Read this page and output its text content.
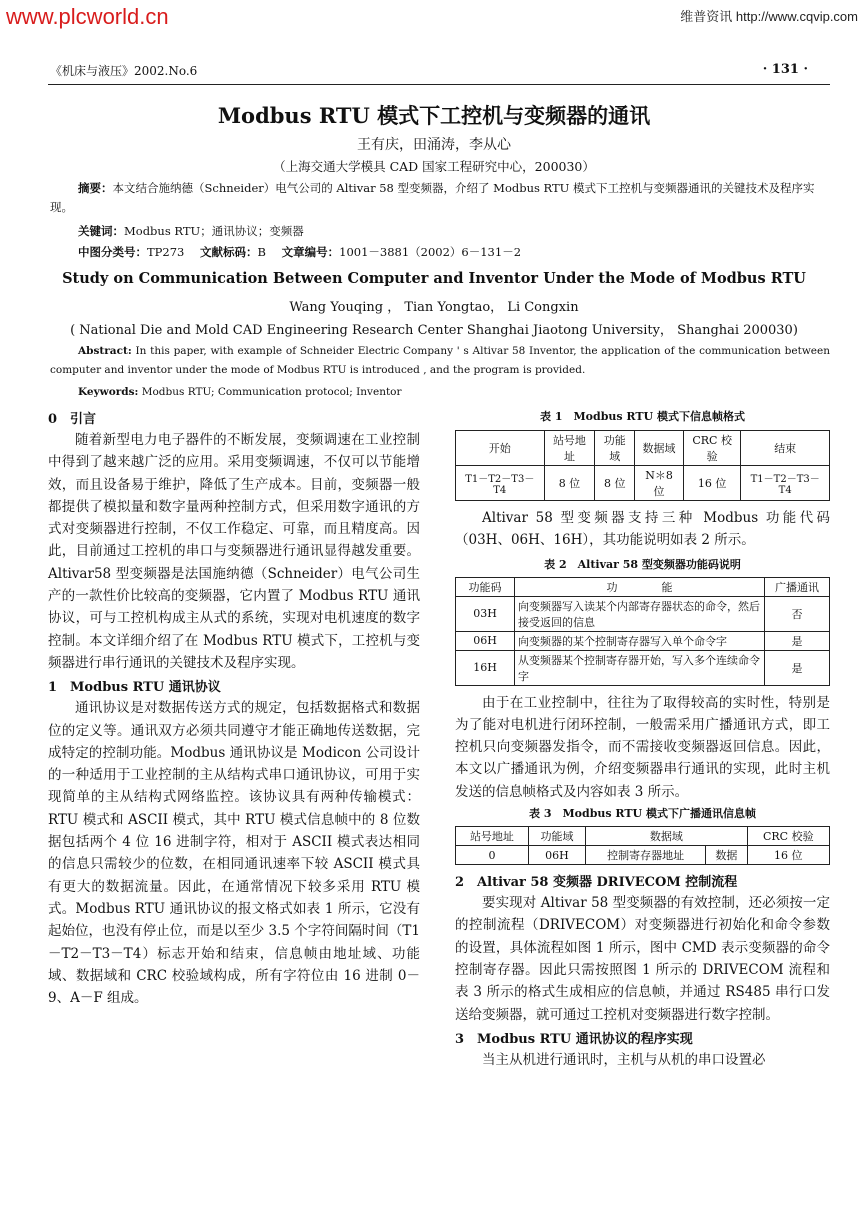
www.plcworld.cn	维普资讯 http://www.cqvip.com
《机床与液压》2002.No.6	· 131 ·
Modbus RTU 模式下工控机与变频器的通讯
王有庆，田涌涛，李从心
（上海交通大学模具 CAD 国家工程研究中心，200030）
摘要：本文结合施纳德（Schneider）电气公司的 Altivar 58 型变频器，介绍了 Modbus RTU 模式下工控机与变频器通讯的关键技术及程序实现。
关键词：Modbus RTU；通讯协议；变频器
中图分类号：TP273 文献标码：B 文章编号：1001－3881（2002）6－131－2
Study on Communication Between Computer and Inventor Under the Mode of Modbus RTU
Wang Youqing ， Tian Yongtao， Li Congxin
( National Die and Mold CAD Engineering Research Center Shanghai Jiaotong University， Shanghai 200030)
Abstract: In this paper, with example of Schneider Electric Company ' s Altivar 58 Inventor, the application of the communication between computer and inventor under the mode of Modbus RTU is introduced , and the program is provided.
Keywords: Modbus RTU; Communication protocol; Inventor
0　引言
随着新型电力电子器件的不断发展，变频调速在工业控制中得到了越来越广泛的应用。采用变频调速，不仅可以节能增效，而且设备易于维护，降低了生产成本。目前，变频器一般都提供了模拟量和数字量两种控制方式，但采用数字通讯的方式对变频器进行控制，不仅工作稳定、可靠，而且精度高。因此，目前通过工控机的串口与变频器进行通讯显得越发重要。Altivar58 型变频器是法国施纳德（Schneider）电气公司生产的一款性价比较高的变频器，它内置了 Modbus RTU 通讯协议，可与工控机构成主从式的系统，实现对电机速度的数字控制。本文详细介绍了在 Modbus RTU 模式下，工控机与变频器进行串行通讯的关键技术及程序实现。
1　Modbus RTU 通讯协议
通讯协议是对数据传送方式的规定，包括数据格式和数据位的定义等。通讯双方必须共同遵守才能正确地传送数据，完成特定的控制功能。Modbus 通讯协议是 Modicon 公司设计的一种适用于工业控制的主从结构式串口通讯协议，可用于实现简单的主从结构式网络监控。该协议具有两种传输模式：RTU 模式和 ASCII 模式，其中 RTU 模式信息帧中的 8 位数据包括两个 4 位 16 进制字符，相对于 ASCII 模式表达相同的信息只需较少的位数，在相同通讯速率下较 ASCII 模式具有更大的数据流量。因此，在通常情况下较多采用 RTU 模式。Modbus RTU 通讯协议的报文格式如表 1 所示，它没有起始位，也没有停止位，而是以至少 3.5 个字符间隔时间（T1－T2－T3－T4）标志开始和结束，信息帧由地址域、功能域、数据域和 CRC 校验域构成，所有字符位由 16 进制 0－9、A－F 组成。
表 1　Modbus RTU 模式下信息帧格式
开始	站号地址	功能域	数据域	CRC 校验	结束
T1－T2－T3－T4	8 位	8 位	N＊8 位	16 位	T1－T2－T3－T4
Altivar 58 型变频器支持三种 Modbus 功能代码（03H、06H、16H），其功能说明如表 2 所示。
表 2　Altivar 58 型变频器功能码说明
功能码	功　　　　能	广播通讯
03H	向变频器写入读某个内部寄存器状态的命令，然后接受返回的信息	否
06H	向变频器的某个控制寄存器写入单个命令字	是
16H	从变频器某个控制寄存器开始，写入多个连续命令字	是
由于在工业控制中，往往为了取得较高的实时性，特别是为了能对电机进行闭环控制，一般需采用广播通讯方式，即工控机只向变频器发指令，而不需接收变频器返回信息。因此，本文以广播通讯为例，介绍变频器串行通讯的实现，此时主机发送的信息帧格式及内容如表 3 所示。
表 3　Modbus RTU 模式下广播通讯信息帧
站号地址	功能域	数据域		CRC 校验
0	06H	控制寄存器地址	数据	16 位
2　Altivar 58 变频器 DRIVECOM 控制流程
要实现对 Altivar 58 型变频器的有效控制，还必须按一定的控制流程（DRIVECOM）对变频器进行初始化和命令参数的设置，具体流程如图 1 所示，图中 CMD 表示变频器的命令控制寄存器。因此只需按照图 1 所示的 DRIVECOM 流程和表 3 所示的格式生成相应的信息帧，并通过 RS485 串行口发送给变频器，就可通过工控机对变频器进行数字控制。
3　Modbus RTU 通讯协议的程序实现
当主从机进行通讯时，主机与从机的串口设置必
